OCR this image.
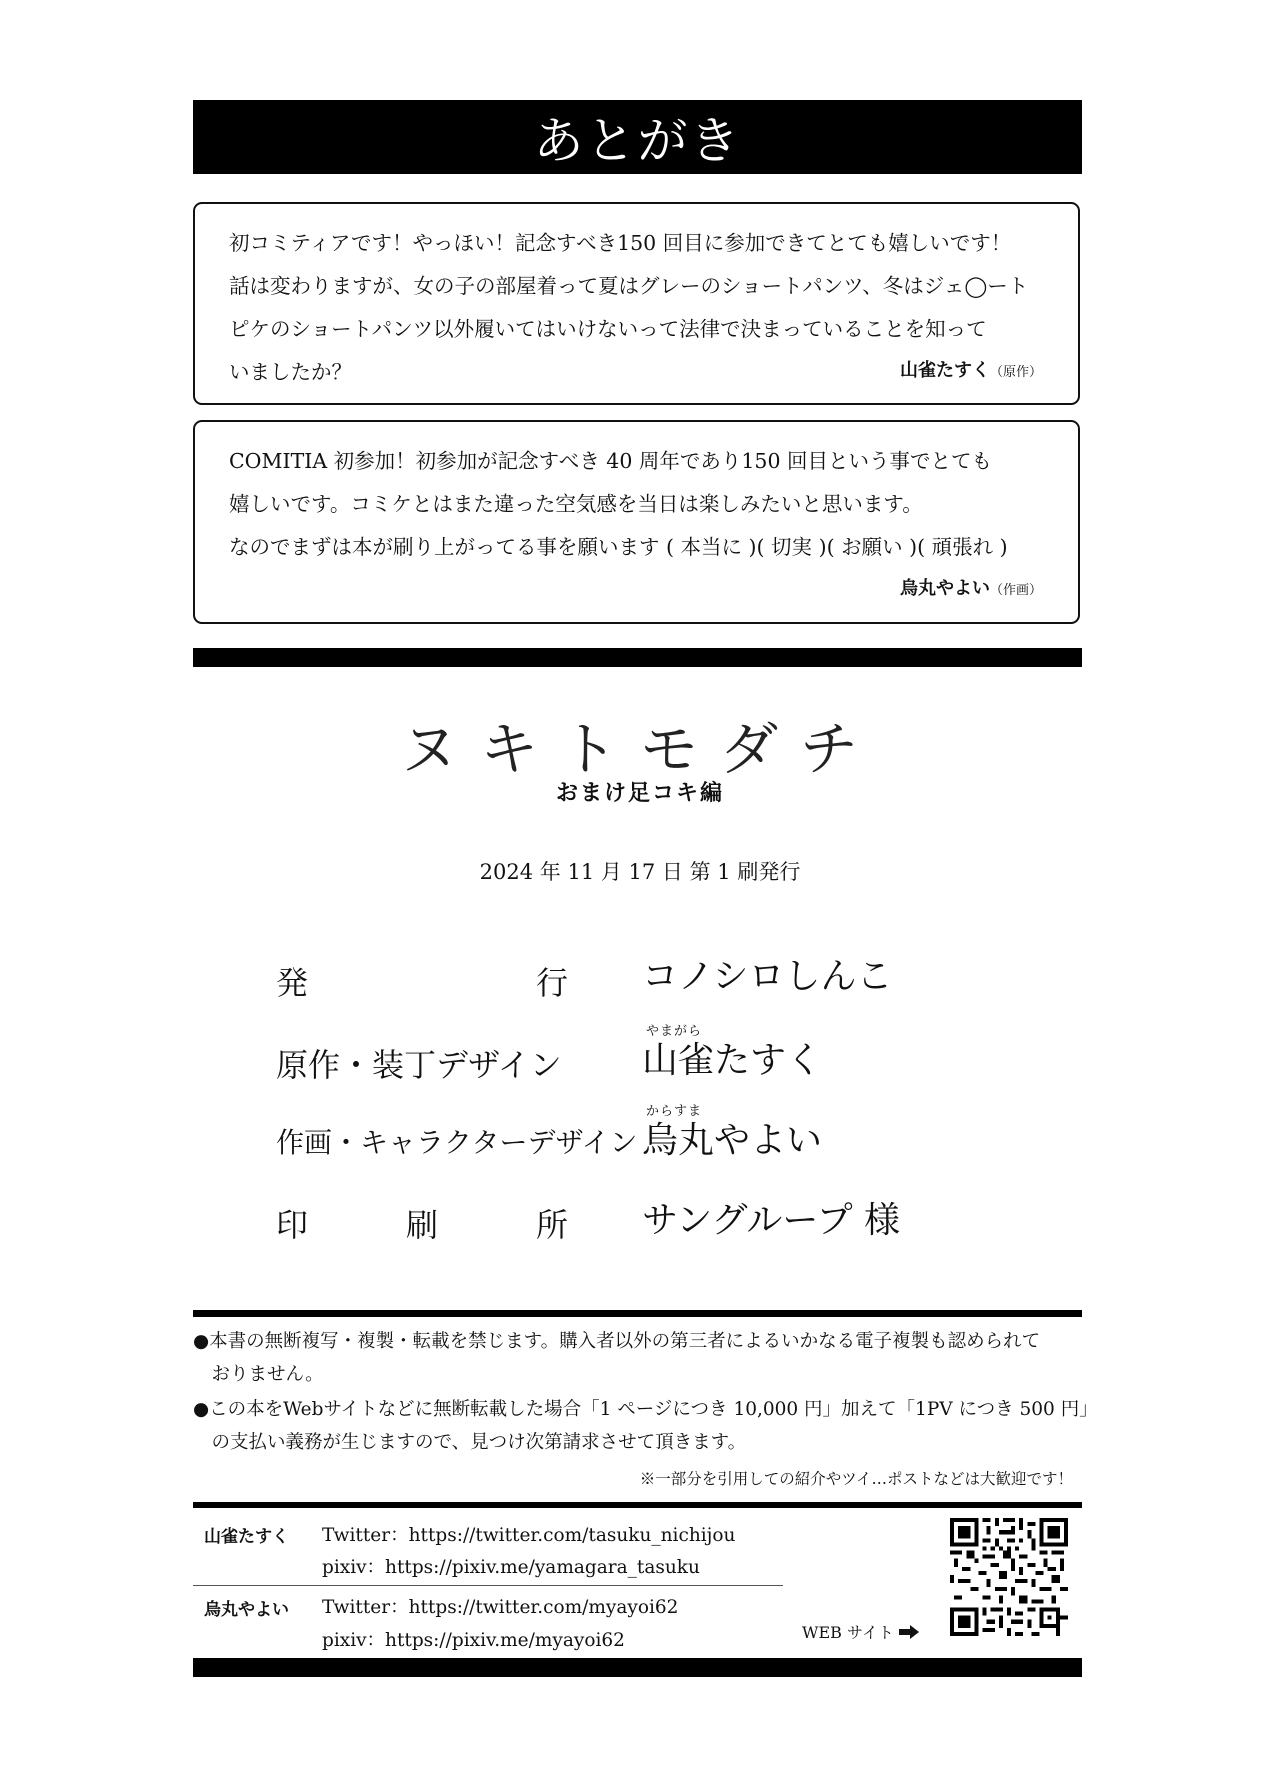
あとがき
初コミティアです！やっほい！記念すべき150 回目に参加できてとても嬉しいです！
話は変わりますが、女の子の部屋着って夏はグレーのショートパンツ、冬はジェ◯ート
ピケのショートパンツ以外履いてはいけないって法律で決まっていることを知って
いましたか？	山雀たすく（原作）
COMITIA 初参加！初参加が記念すべき 40 周年であり150 回目という事でとても
嬉しいです。コミケとはまた違った空気感を当日は楽しみたいと思います。
なのでまずは本が刷り上がってる事を願います ( 本当に )( 切実 )( お願い )( 頑張れ )
烏丸やよい（作画）
ヌキトモダチ
おまけ足コキ編
2024 年 11 月 17 日 第 1 刷発行
発	行 コノシロしんこ
やまがら
原作・装丁デザイン 山雀たすく
からすま
作画・キャラクターデザイン 烏丸やよい
印	刷	所 サングループ 様
●本書の無断複写・複製・転載を禁じます。購入者以外の第三者によるいかなる電子複製も認められて
　おりません。
●この本をWebサイトなどに無断転載した場合「1 ページにつき 10,000 円」加えて「1PV につき 500 円」
　の支払い義務が生じますので、見つけ次第請求させて頂きます。
※一部分を引用しての紹介やツイ…ポストなどは大歓迎です！
山雀たすく Twitter：https://twitter.com/tasuku_nichijou
pixiv：https://pixiv.me/yamagara_tasuku
烏丸やよい Twitter：https://twitter.com/myayoi62
pixiv：https://pixiv.me/myayoi62	WEB サイト
